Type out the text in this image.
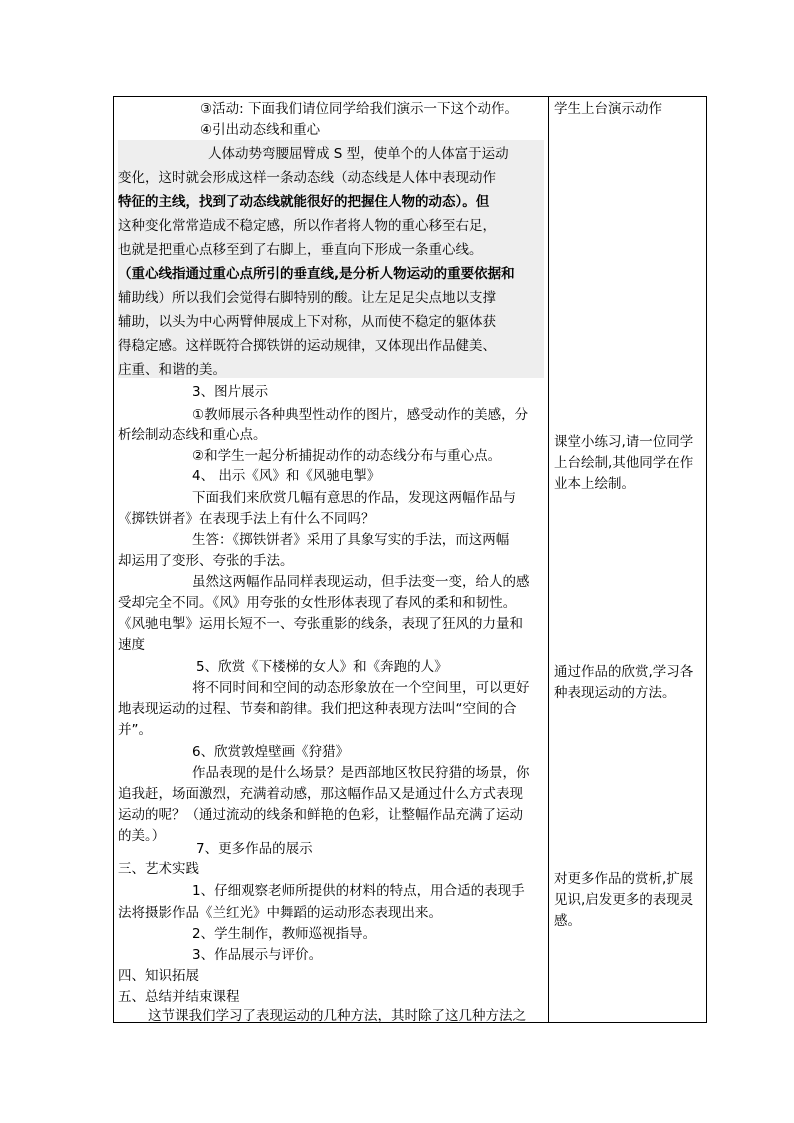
③活动: 下面我们请位同学给我们演示一下这个动作。
④引出动态线和重心
人体动势弯腰屈臂成 S 型，使单个的人体富于运动
变化，这时就会形成这样一条动态线（动态线是人体中表现动作
特征的主线，找到了动态线就能很好的把握住人物的动态）。但
这种变化常常造成不稳定感，所以作者将人物的重心移至右足，
也就是把重心点移至到了右脚上，垂直向下形成一条重心线。
（重心线指通过重心点所引的垂直线,是分析人物运动的重要依据和
辅助线）所以我们会觉得右脚特别的酸。让左足足尖点地以支撑
辅助，以头为中心两臂伸展成上下对称，从而使不稳定的躯体获
得稳定感。这样既符合掷铁饼的运动规律，又体现出作品健美、
庄重、和谐的美。
3、图片展示
①教师展示各种典型性动作的图片，感受动作的美感，分
析绘制动态线和重心点。
②和学生一起分析捕捉动作的动态线分布与重心点。
4、 出示《风》和《风驰电掣》
下面我们来欣赏几幅有意思的作品，发现这两幅作品与
《掷铁饼者》在表现手法上有什么不同吗？
生答：《掷铁饼者》采用了具象写实的手法，而这两幅
却运用了变形、夸张的手法。
虽然这两幅作品同样表现运动，但手法变一变，给人的感
受却完全不同。《风》用夸张的女性形体表现了春风的柔和和韧性。
《风驰电掣》运用长短不一、夸张重影的线条，表现了狂风的力量和
速度
5、欣赏《下楼梯的女人》和《奔跑的人》
将不同时间和空间的动态形象放在一个空间里，可以更好
地表现运动的过程、节奏和韵律。我们把这种表现方法叫“空间的合
并”。
6、欣赏敦煌壁画《狩猎》
作品表现的是什么场景？是西部地区牧民狩猎的场景，你
追我赶，场面激烈，充满着动感，那这幅作品又是通过什么方式表现
运动的呢？（通过流动的线条和鲜艳的色彩，让整幅作品充满了运动
的美。）
7、更多作品的展示
三、艺术实践
1、仔细观察老师所提供的材料的特点，用合适的表现手
法将摄影作品《兰红光》中舞蹈的运动形态表现出来。
2、学生制作，教师巡视指导。
3、作品展示与评价。
四、知识拓展
五、总结并结束课程
这节课我们学习了表现运动的几种方法，其时除了这几种方法之
学生上台演示动作
课堂小练习,请一位同学上台绘制,其他同学在作业本上绘制。
通过作品的欣赏,学习各种表现运动的方法。
对更多作品的赏析,扩展见识,启发更多的表现灵感。
